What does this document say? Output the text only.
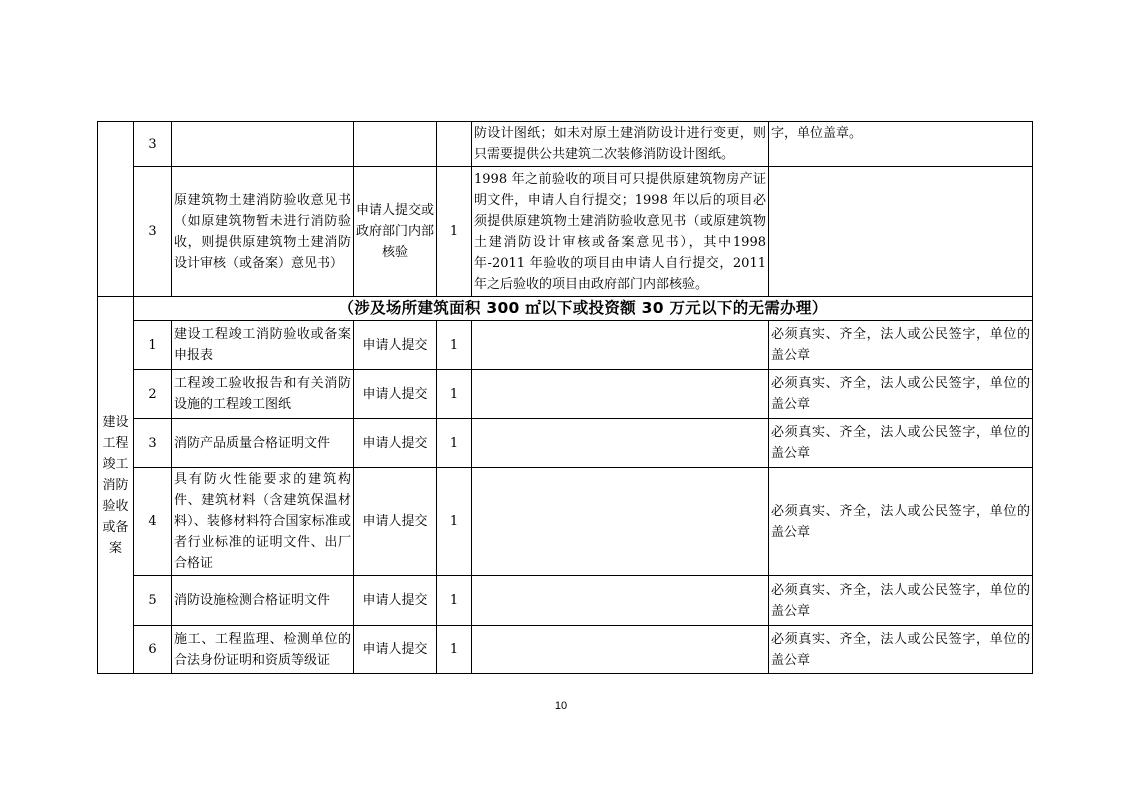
	3				防设计图纸；如未对原土建消防设计进行变更，则只需要提供公共建筑二次装修消防设计图纸。	字，单位盖章。
	3	原建筑物土建消防验收意见书（如原建筑物暂未进行消防验收，则提供原建筑物土建消防设计审核（或备案）意见书）	申请人提交或政府部门内部核验	1	1998 年之前验收的项目可只提供原建筑物房产证明文件，申请人自行提交；1998 年以后的项目必须提供原建筑物土建消防验收意见书（或原建筑物土建消防设计审核或备案意见书），其中1998 年-2011 年验收的项目由申请人自行提交，2011 年之后验收的项目由政府部门内部核验。	
建设工程竣工消防验收或备案	（涉及场所建筑面积 300 ㎡以下或投资额 30 万元以下的无需办理）					
	1	建设工程竣工消防验收或备案申报表	申请人提交	1		必须真实、齐全，法人或公民签字，单位的盖公章
	2	工程竣工验收报告和有关消防设施的工程竣工图纸	申请人提交	1		必须真实、齐全，法人或公民签字，单位的盖公章
	3	消防产品质量合格证明文件	申请人提交	1		必须真实、齐全，法人或公民签字，单位的盖公章
	4	具有防火性能要求的建筑构件、建筑材料（含建筑保温材料）、装修材料符合国家标准或者行业标准的证明文件、出厂合格证	申请人提交	1		必须真实、齐全，法人或公民签字，单位的盖公章
	5	消防设施检测合格证明文件	申请人提交	1		必须真实、齐全，法人或公民签字，单位的盖公章
	6	施工、工程监理、检测单位的合法身份证明和资质等级证	申请人提交	1		必须真实、齐全，法人或公民签字，单位的盖公章
10
